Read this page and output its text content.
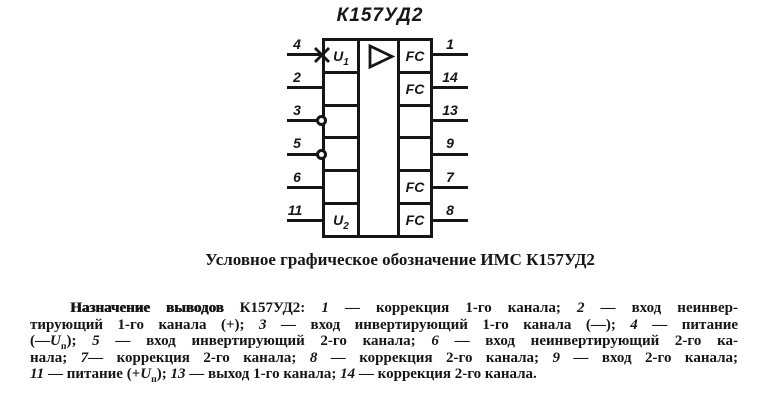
К157УД2
4
2
3
5
6
11
1
14
13
9
7
8
$U_1$
$U_2$
FC
FC
FC
FC
Условное графическое обозначение ИМС К157УД2
Назначение выводов К157УД2: 1 — коррекция 1-го канала; 2 — вход неинвер-
тирующий 1-го канала (+); 3 — вход инвертирующий 1-го канала (—); 4 — питание
$(—U_п)$; 5 — вход инвертирующий 2-го канала; 6 — вход неинвертирующий 2-го ка-
нала; 7— коррекция 2-го канала; 8 — коррекция 2-го канала; 9 — вход 2-го канала;
11 — питание $(+U_п)$; 13 — выход 1-го канала; 14 — коррекция 2-го канала.
